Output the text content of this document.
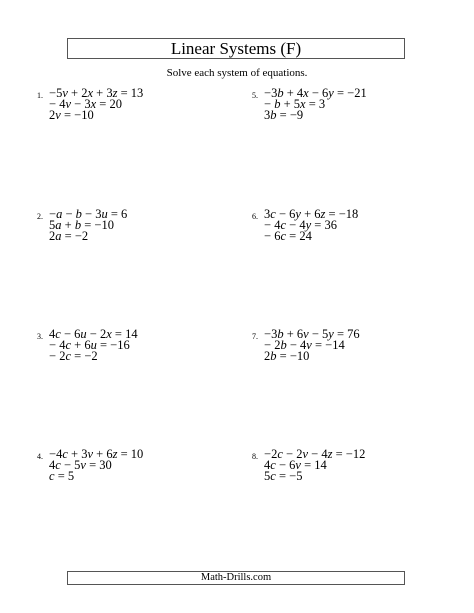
Linear Systems (F)
Solve each system of equations.
1. −5v + 2x + 3z = 13
− 4v − 3x = 20
2v = −10
2. −a − b − 3u = 6
5a + b = −10
2a = −2
3. 4c − 6u − 2x = 14
− 4c + 6u = −16
− 2c = −2
4. −4c + 3v + 6z = 10
4c − 5v = 30
c = 5
5. −3b + 4x − 6y = −21
− b + 5x = 3
3b = −9
6. 3c − 6y + 6z = −18
− 4c − 4y = 36
− 6c = 24
7. −3b + 6v − 5y = 76
− 2b − 4v = −14
2b = −10
8. −2c − 2v − 4z = −12
4c − 6v = 14
5c = −5
Math-Drills.com
